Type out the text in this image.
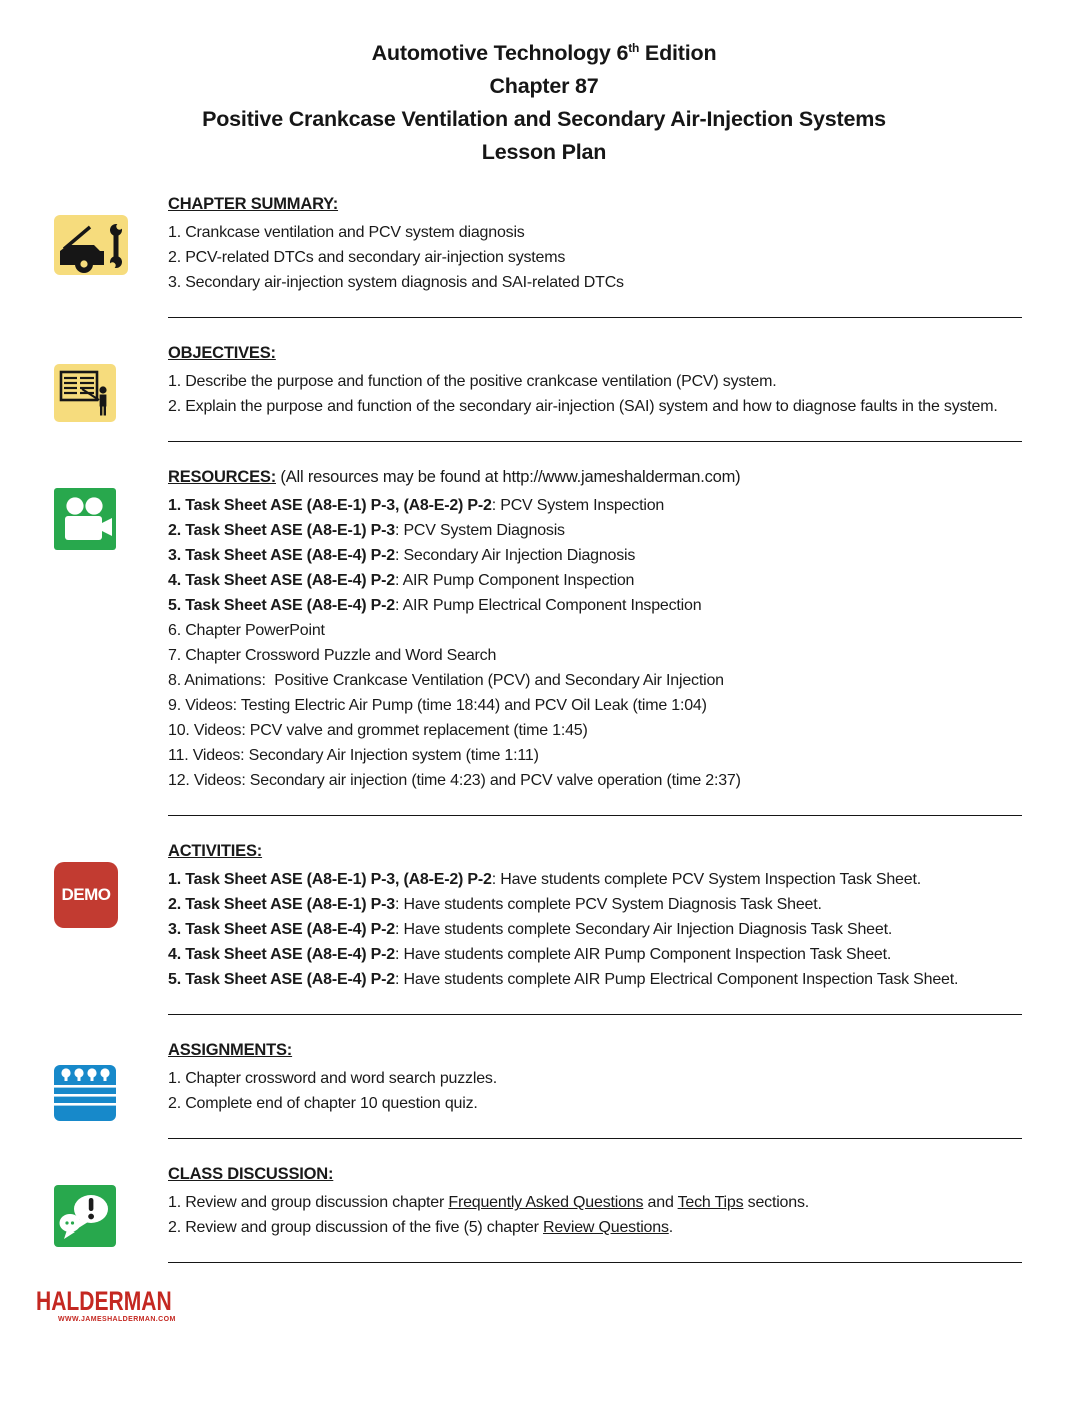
Automotive Technology 6th Edition
Chapter 87
Positive Crankcase Ventilation and Secondary Air-Injection Systems
Lesson Plan

CHAPTER SUMMARY:

1. Crankcase ventilation and PCV system diagnosis

2. PCV-related DTCs and secondary air-injection systems

3. Secondary air-injection system diagnosis and SAI-related DTCs

OBJECTIVES:

1. Describe the purpose and function of the positive crankcase ventilation (PCV) system.

2. Explain the purpose and function of the secondary air-injection (SAI) system and how to diagnose faults in the system.

RESOURCES: (All resources may be found at http://www.jameshalderman.com)

1. Task Sheet ASE (A8-E-1) P-3, (A8-E-2) P-2: PCV System Inspection

2. Task Sheet ASE (A8-E-1) P-3: PCV System Diagnosis

3. Task Sheet ASE (A8-E-4) P-2: Secondary Air Injection Diagnosis

4. Task Sheet ASE (A8-E-4) P-2: AIR Pump Component Inspection

5. Task Sheet ASE (A8-E-4) P-2: AIR Pump Electrical Component Inspection

6. Chapter PowerPoint

7. Chapter Crossword Puzzle and Word Search

8. Animations:  Positive Crankcase Ventilation (PCV) and Secondary Air Injection

9. Videos: Testing Electric Air Pump (time 18:44) and PCV Oil Leak (time 1:04)

10. Videos: PCV valve and grommet replacement (time 1:45)

11. Videos: Secondary Air Injection system (time 1:11)

12. Videos: Secondary air injection (time 4:23) and PCV valve operation (time 2:37)

DEMO

ACTIVITIES:

1. Task Sheet ASE (A8-E-1) P-3, (A8-E-2) P-2: Have students complete PCV System Inspection Task Sheet.

2. Task Sheet ASE (A8-E-1) P-3: Have students complete PCV System Diagnosis Task Sheet.

3. Task Sheet ASE (A8-E-4) P-2: Have students complete Secondary Air Injection Diagnosis Task Sheet.

4. Task Sheet ASE (A8-E-4) P-2: Have students complete AIR Pump Component Inspection Task Sheet.

5. Task Sheet ASE (A8-E-4) P-2: Have students complete AIR Pump Electrical Component Inspection Task Sheet.

ASSIGNMENTS:

1. Chapter crossword and word search puzzles.

2. Complete end of chapter 10 question quiz.

CLASS DISCUSSION:

1. Review and group discussion chapter Frequently Asked Questions and Tech Tips sections.

2. Review and group discussion of the five (5) chapter Review Questions.

HALDERMAN
WWW.JAMESHALDERMAN.COM
